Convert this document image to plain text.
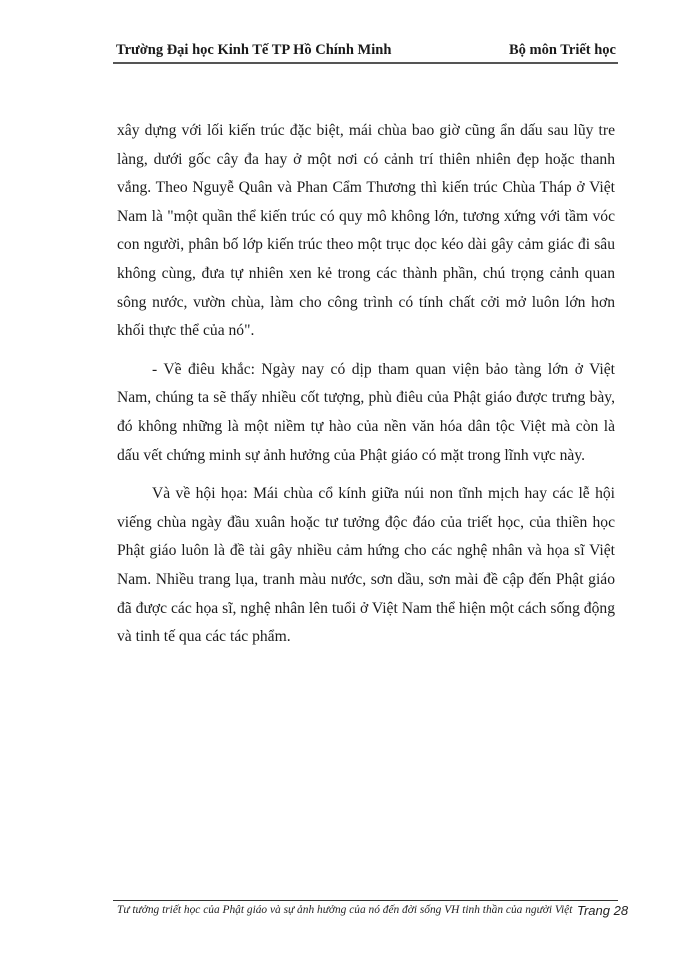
Trường Đại học Kinh Tế TP Hồ Chính Minh	Bộ môn Triết học

xây dựng với lối kiến trúc đặc biệt, mái chùa bao giờ cũng ẩn dấu sau lũy tre làng, dưới gốc cây đa hay ở một nơi có cảnh trí thiên nhiên đẹp hoặc thanh vắng. Theo Nguyễ Quân và Phan Cẩm Thương thì kiến trúc Chùa Tháp ở Việt Nam là "một quần thể kiến trúc có quy mô không lớn, tương xứng với tầm vóc con người, phân bố lớp kiến trúc theo một trục dọc kéo dài gây cảm giác đi sâu không cùng, đưa tự nhiên xen kẻ trong các thành phần, chú trọng cảnh quan sông nước, vườn chùa, làm cho công trình có tính chất cởi mở luôn lớn hơn khối thực thể của nó".

- Về điêu khắc: Ngày nay có dịp tham quan viện bảo tàng lớn ở Việt Nam, chúng ta sẽ thấy nhiều cốt tượng, phù điêu của Phật giáo được trưng bày, đó không những là một niềm tự hào của nền văn hóa dân tộc Việt mà còn là dấu vết chứng minh sự ảnh hưởng của Phật giáo có mặt trong lĩnh vực này.

Và về hội họa: Mái chùa cổ kính giữa núi non tĩnh mịch hay các lễ hội viếng chùa ngày đầu xuân hoặc tư tưởng độc đáo của triết học, của thiền học Phật giáo luôn là đề tài gây nhiều cảm hứng cho các nghệ nhân và họa sĩ Việt Nam. Nhiều trang lụa, tranh màu nước, sơn dầu, sơn mài đề cập đến Phật giáo đã được các họa sĩ, nghệ nhân lên tuổi ở Việt Nam thể hiện một cách sống động và tinh tế qua các tác phẩm.

Tư tưởng triết học của Phật giáo và sự ảnh hưởng của nó đến đời sống VH tinh thần của người Việt Trang 28
